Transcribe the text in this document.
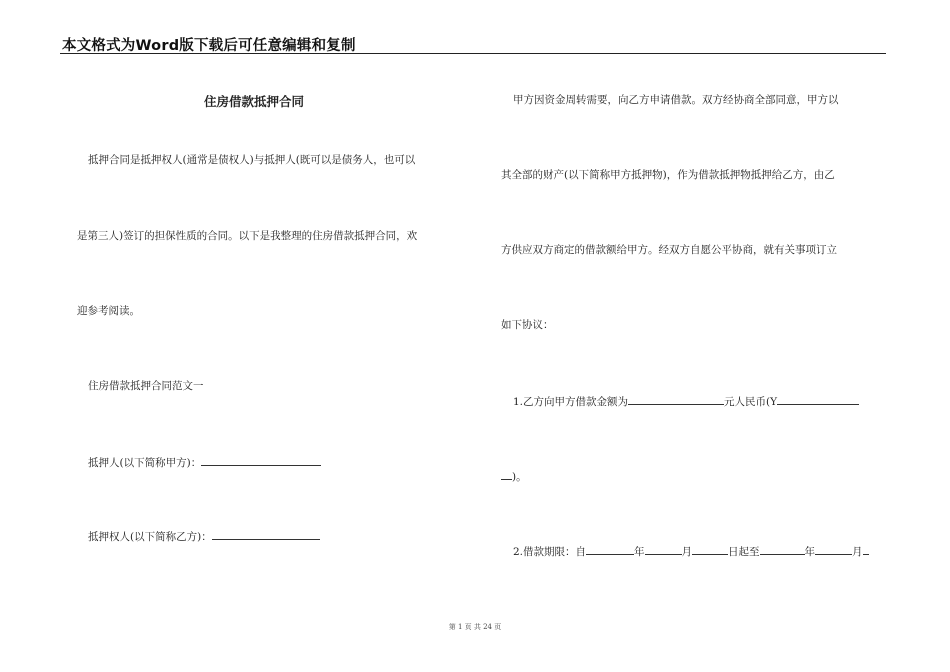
本文格式为Word版下载后可任意编辑和复制
住房借款抵押合同
抵押合同是抵押权人(通常是债权人)与抵押人(既可以是债务人，也可以
是第三人)签订的担保性质的合同。以下是我整理的住房借款抵押合同，欢
迎参考阅读。
住房借款抵押合同范文一
抵押人(以下简称甲方)：
抵押权人(以下简称乙方)：
甲方因资金周转需要，向乙方申请借款。双方经协商全部同意，甲方以
其全部的财产(以下简称甲方抵押物)，作为借款抵押物抵押给乙方，由乙
方供应双方商定的借款额给甲方。经双方自愿公平协商，就有关事项订立
如下协议：
1.乙方向甲方借款金额为	元人民币(Y
)。
2.借款期限：自	年	月	日起至	年	月
第 1 页 共 24 页
